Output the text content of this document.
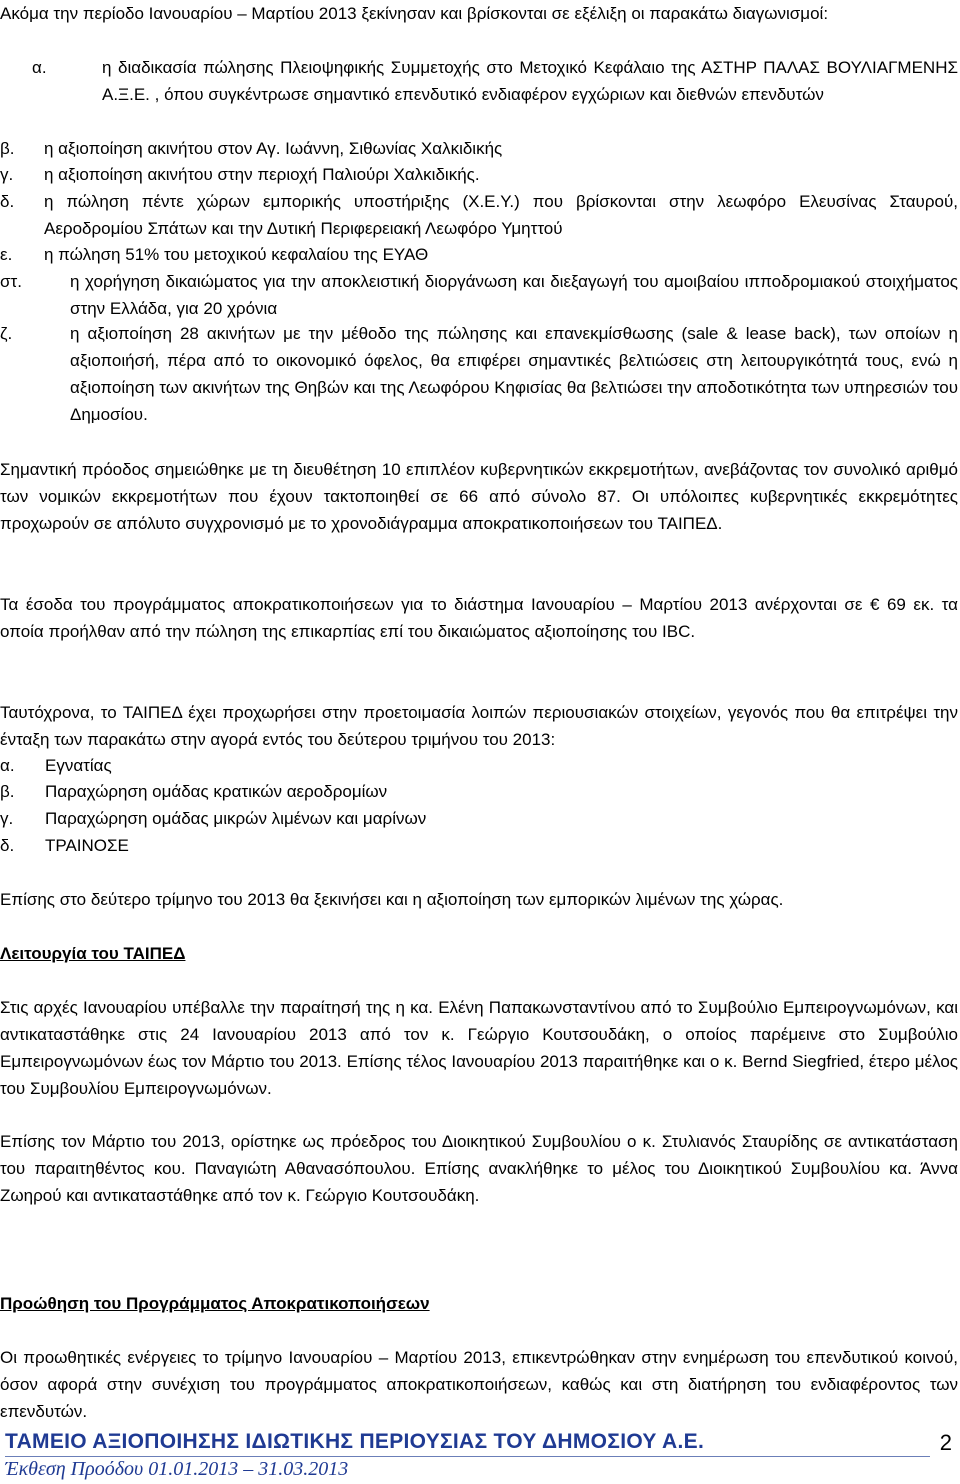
Ακόμα την περίοδο Ιανουαρίου – Μαρτίου 2013 ξεκίνησαν και βρίσκονται σε εξέλιξη οι παρακάτω διαγωνισμοί:

α.	η διαδικασία πώλησης Πλειοψηφικής Συμμετοχής στο Μετοχικό Κεφάλαιο της ΑΣΤΗΡ ΠΑΛΑΣ ΒΟΥΛΙΑΓΜΕΝΗΣ Α.Ξ.Ε. , όπου συγκέντρωσε σημαντικό επενδυτικό ενδιαφέρον εγχώριων και διεθνών επενδυτών
β. η αξιοποίηση ακινήτου στον Αγ. Ιωάννη, Σιθωνίας Χαλκιδικής
γ. η αξιοποίηση ακινήτου στην περιοχή Παλιούρι Χαλκιδικής.
δ. η πώληση πέντε χώρων εμπορικής υποστήριξης (Χ.Ε.Υ.) που βρίσκονται στην λεωφόρο Ελευσίνας Σταυρού, Αεροδρομίου Σπάτων και την Δυτική Περιφερειακή Λεωφόρο Υμηττού
ε. η πώληση 51% του μετοχικού κεφαλαίου της ΕΥΑΘ
στ.	η χορήγηση δικαιώματος για την αποκλειστική διοργάνωση και διεξαγωγή του αμοιβαίου ιπποδρομιακού στοιχήματος στην Ελλάδα, για 20 χρόνια
ζ.	η αξιοποίηση 28 ακινήτων με την μέθοδο της πώλησης και επανεκμίσθωσης (sale & lease back), των οποίων η αξιοποιήσή, πέρα από το οικονομικό όφελος, θα επιφέρει σημαντικές βελτιώσεις στη λειτουργικότητά τους, ενώ η αξιοποίηση των ακινήτων της Θηβών και της Λεωφόρου Κηφισίας θα βελτιώσει την αποδοτικότητα των υπηρεσιών του Δημοσίου.

Σημαντική πρόοδος σημειώθηκε με τη διευθέτηση 10 επιπλέον κυβερνητικών εκκρεμοτήτων, ανεβάζοντας τον συνολικό αριθμό των νομικών εκκρεμοτήτων που έχουν τακτοποιηθεί σε 66 από σύνολο 87. Οι υπόλοιπες κυβερνητικές εκκρεμότητες προχωρούν σε απόλυτο συγχρονισμό με το χρονοδιάγραμμα αποκρατικοποιήσεων του ΤΑΙΠΕΔ.

Τα έσοδα του προγράμματος αποκρατικοποιήσεων για το διάστημα Ιανουαρίου – Μαρτίου 2013 ανέρχονται σε € 69 εκ. τα οποία προήλθαν από την πώληση της επικαρπίας επί του δικαιώματος αξιοποίησης του IBC.

Ταυτόχρονα, το ΤΑΙΠΕΔ έχει προχωρήσει στην προετοιμασία λοιπών περιουσιακών στοιχείων, γεγονός που θα επιτρέψει την ένταξη των παρακάτω στην αγορά εντός του δεύτερου τριμήνου του 2013:

α. Εγνατίας
β. Παραχώρηση ομάδας κρατικών αεροδρομίων
γ. Παραχώρηση ομάδας μικρών λιμένων και μαρίνων
δ. ΤΡΑΙΝΟΣΕ

Επίσης στο δεύτερο τρίμηνο του 2013 θα ξεκινήσει και η αξιοποίηση των εμπορικών λιμένων της χώρας.

Λειτουργία του ΤΑΙΠΕΔ

Στις αρχές Ιανουαρίου υπέβαλλε την παραίτησή της η κα. Ελένη Παπακωνσταντίνου από το Συμβούλιο Εμπειρογνωμόνων, και αντικαταστάθηκε στις 24 Ιανουαρίου 2013 από τον κ. Γεώργιο Κουτσουδάκη, ο οποίος παρέμεινε στο Συμβούλιο Εμπειρογνωμόνων έως τον Μάρτιο του 2013. Επίσης τέλος Ιανουαρίου 2013 παραιτήθηκε και ο κ. Bernd Siegfried, έτερο μέλος του Συμβουλίου Εμπειρογνωμόνων.

Επίσης τον Μάρτιο του 2013, ορίστηκε ως πρόεδρος του Διοικητικού Συμβουλίου ο κ. Στυλιανός Σταυρίδης σε αντικατάσταση του παραιτηθέντος κου. Παναγιώτη Αθανασόπουλου. Επίσης ανακλήθηκε το μέλος του Διοικητικού Συμβουλίου κα. Άννα Ζωηρού και αντικαταστάθηκε από τον κ. Γεώργιο Κουτσουδάκη.

Προώθηση του Προγράμματος Αποκρατικοποιήσεων

Οι προωθητικές ενέργειες το τρίμηνο Ιανουαρίου – Μαρτίου 2013, επικεντρώθηκαν στην ενημέρωση του επενδυτικού κοινού, όσον αφορά στην συνέχιση του προγράμματος αποκρατικοποιήσεων, καθώς και στη διατήρηση του ενδιαφέροντος των επενδυτών.

ΤΑΜΕΙΟ ΑΞΙΟΠΟΙΗΣΗΣ ΙΔΙΩΤΙΚΗΣ ΠΕΡΙΟΥΣΙΑΣ ΤΟΥ ΔΗΜΟΣΙΟΥ Α.Ε.	2
Έκθεση Προόδου 01.01.2013 – 31.03.2013
